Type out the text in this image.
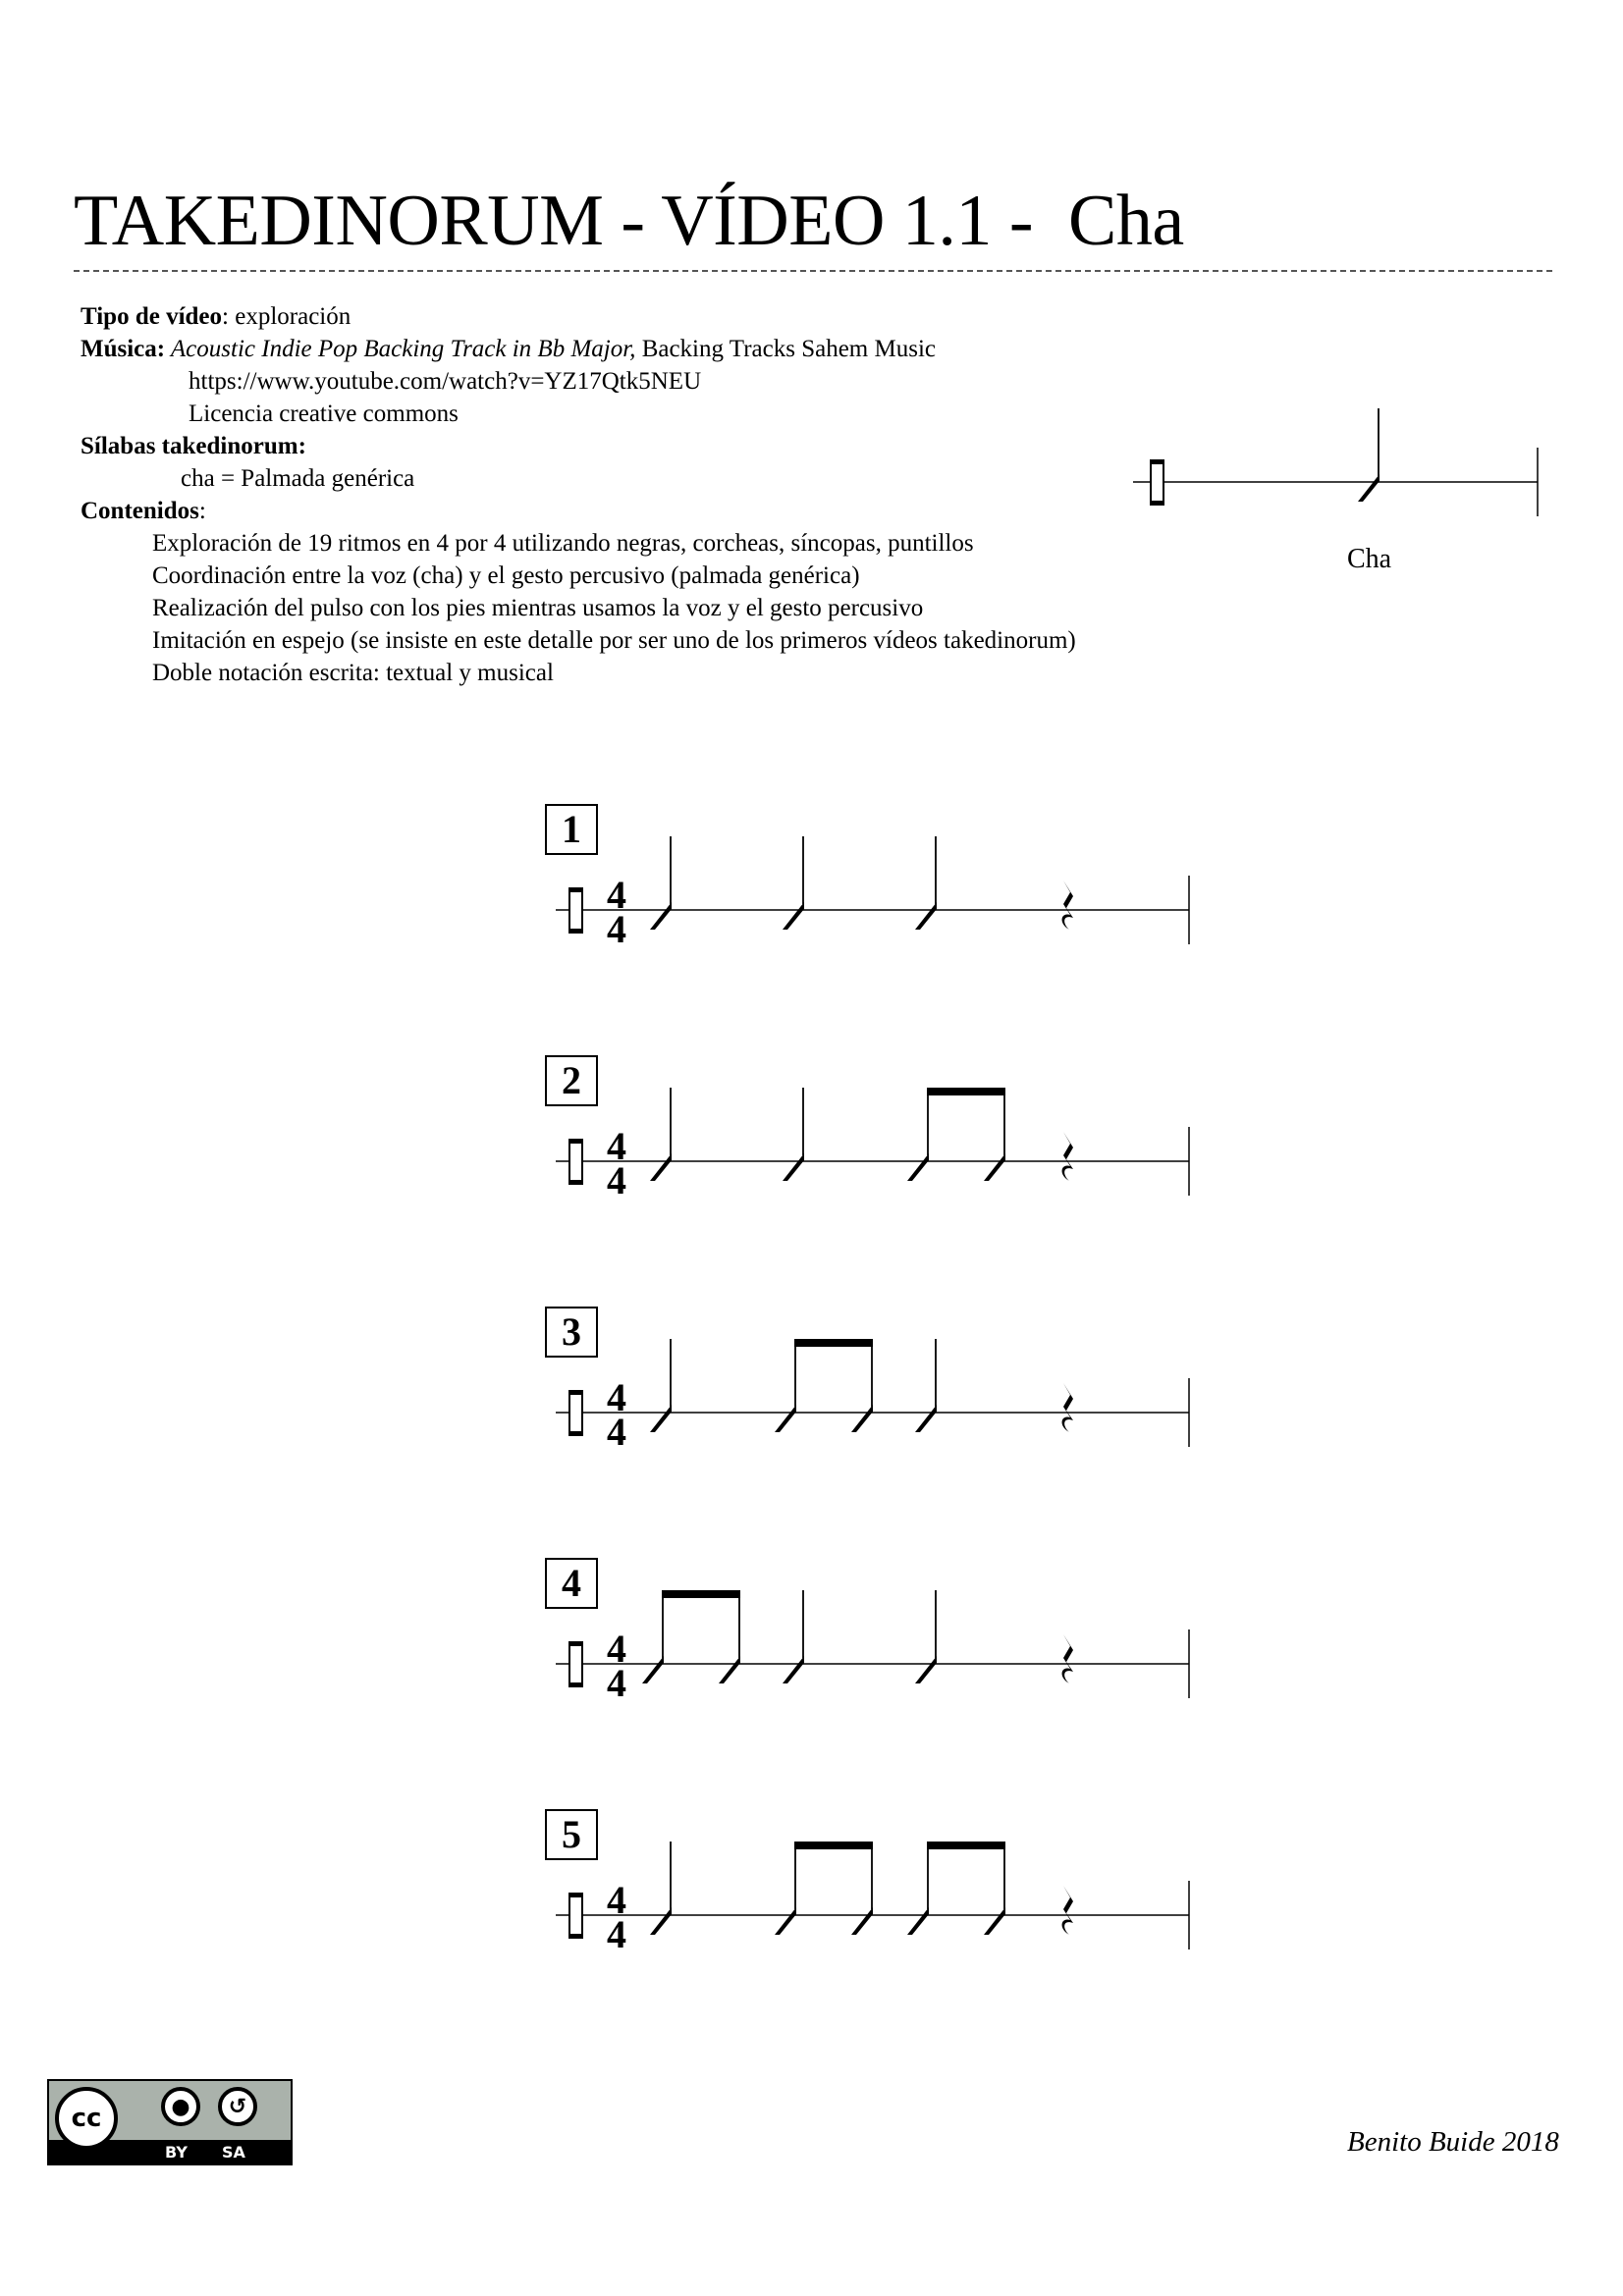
TAKEDINORUM - VÍDEO 1.1 -  Cha
Tipo de vídeo: exploración
Música: Acoustic Indie Pop Backing Track in Bb Major, Backing Tracks Sahem Music
https://www.youtube.com/watch?v=YZ17Qtk5NEU
Licencia creative commons
Sílabas takedinorum:
cha = Palmada genérica
Contenidos:
Exploración de 19 ritmos en 4 por 4 utilizando negras, corcheas, síncopas, puntillos
Coordinación entre la voz (cha) y el gesto percusivo (palmada genérica)
Realización del pulso con los pies mientras usamos la voz y el gesto percusivo
Imitación en espejo (se insiste en este detalle por ser uno de los primeros vídeos takedinorum)
Doble notación escrita: textual y musical
Cha
1
4
4
2
4
4
3
4
4
4
4
4
5
4
4
cc	●	↺
BY SA	Benito Buide 2018
